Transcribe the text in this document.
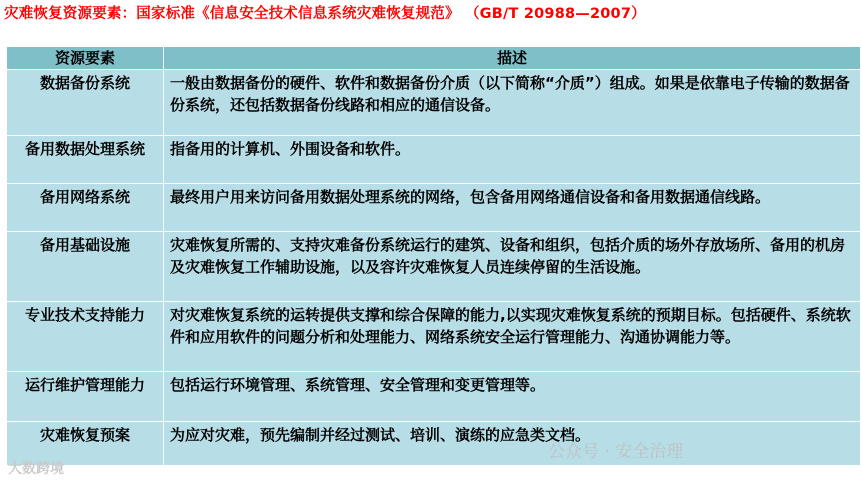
灾难恢复资源要素：国家标准《信息安全技术信息系统灾难恢复规范》 （GB/T 20988—2007）
资源要素	描述
数据备份系统	一般由数据备份的硬件、软件和数据备份介质（以下简称“介质”）组成。如果是依靠电子传输的数据备份系统，还包括数据备份线路和相应的通信设备。
备用数据处理系统	指备用的计算机、外围设备和软件。
备用网络系统	最终用户用来访问备用数据处理系统的网络，包含备用网络通信设备和备用数据通信线路。
备用基础设施	灾难恢复所需的、支持灾难备份系统运行的建筑、设备和组织，包括介质的场外存放场所、备用的机房及灾难恢复工作辅助设施，以及容许灾难恢复人员连续停留的生活设施。
专业技术支持能力	对灾难恢复系统的运转提供支撑和综合保障的能力,以实现灾难恢复系统的预期目标。包括硬件、系统软件和应用软件的问题分析和处理能力、网络系统安全运行管理能力、沟通协调能力等。
运行维护管理能力	包括运行环境管理、系统管理、安全管理和变更管理等。
灾难恢复预案	为应对灾难，预先编制并经过测试、培训、演练的应急类文档。
大数跨境
公众号 · 安全治理
